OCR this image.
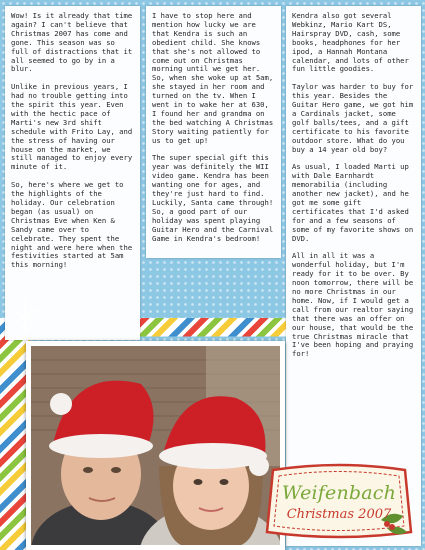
Wow! Is it already that time again? I can't believe that Christmas 2007 has come and gone. This season was so full of distractions that it all seemed to go by in a blur.

Unlike in previous years, I had no trouble getting into the spirit this year. Even with the hectic pace of Marti's new 3rd shift schedule with Frito Lay, and the stress of having our house on the market, we still managed to enjoy every minute of it.

So, here's where we get to the highlights of the holiday. Our celebration began (as usual) on Christmas Eve when Ken & Sandy came over to celebrate. They spent the night and were here when the festivities started at 5am this morning!

I have to stop here and mention how lucky we are that Kendra is such an obedient child. She knows that she's not allowed to come out on Christmas morning until we get her. So, when she woke up at 5am, she stayed in her room and turned on the tv. When I went in to wake her at 630, I found her and grandma on the bed watching A Christmas Story waiting patiently for us to get up!

The super special gift this year was definitely the WII video game. Kendra has been wanting one for ages, and they're just hard to find. Luckily, Santa came through! So, a good part of our holiday was spent playing Guitar Hero and the Carnival Game in Kendra's bedroom!

Kendra also got several Webkinz, Mario Kart DS, Hairspray DVD, cash, some books, headphones for her ipod, a Hannah Montana calendar, and lots of other fun little goodies.

Taylor was harder to buy for this year. Besides the Guitar Hero game, we got him a Cardinals jacket, some golf balls/tees, and a gift certificate to his favorite outdoor store. What do you buy a 14 year old boy?

As usual, I loaded Marti up with Dale Earnhardt memorabilia (including another new jacket), and he got me some gift certificates that I'd asked for and a few seasons of some of my favorite shows on DVD.

All in all it was a wonderful holiday, but I'm ready for it to be over. By noon tomorrow, there will be no more Christmas in our home. Now, if I would get a call from our realtor saying that there was an offer on our house, that would be the true Christmas miracle that I've been hoping and praying for!

Weifenbach
Christmas 2007
